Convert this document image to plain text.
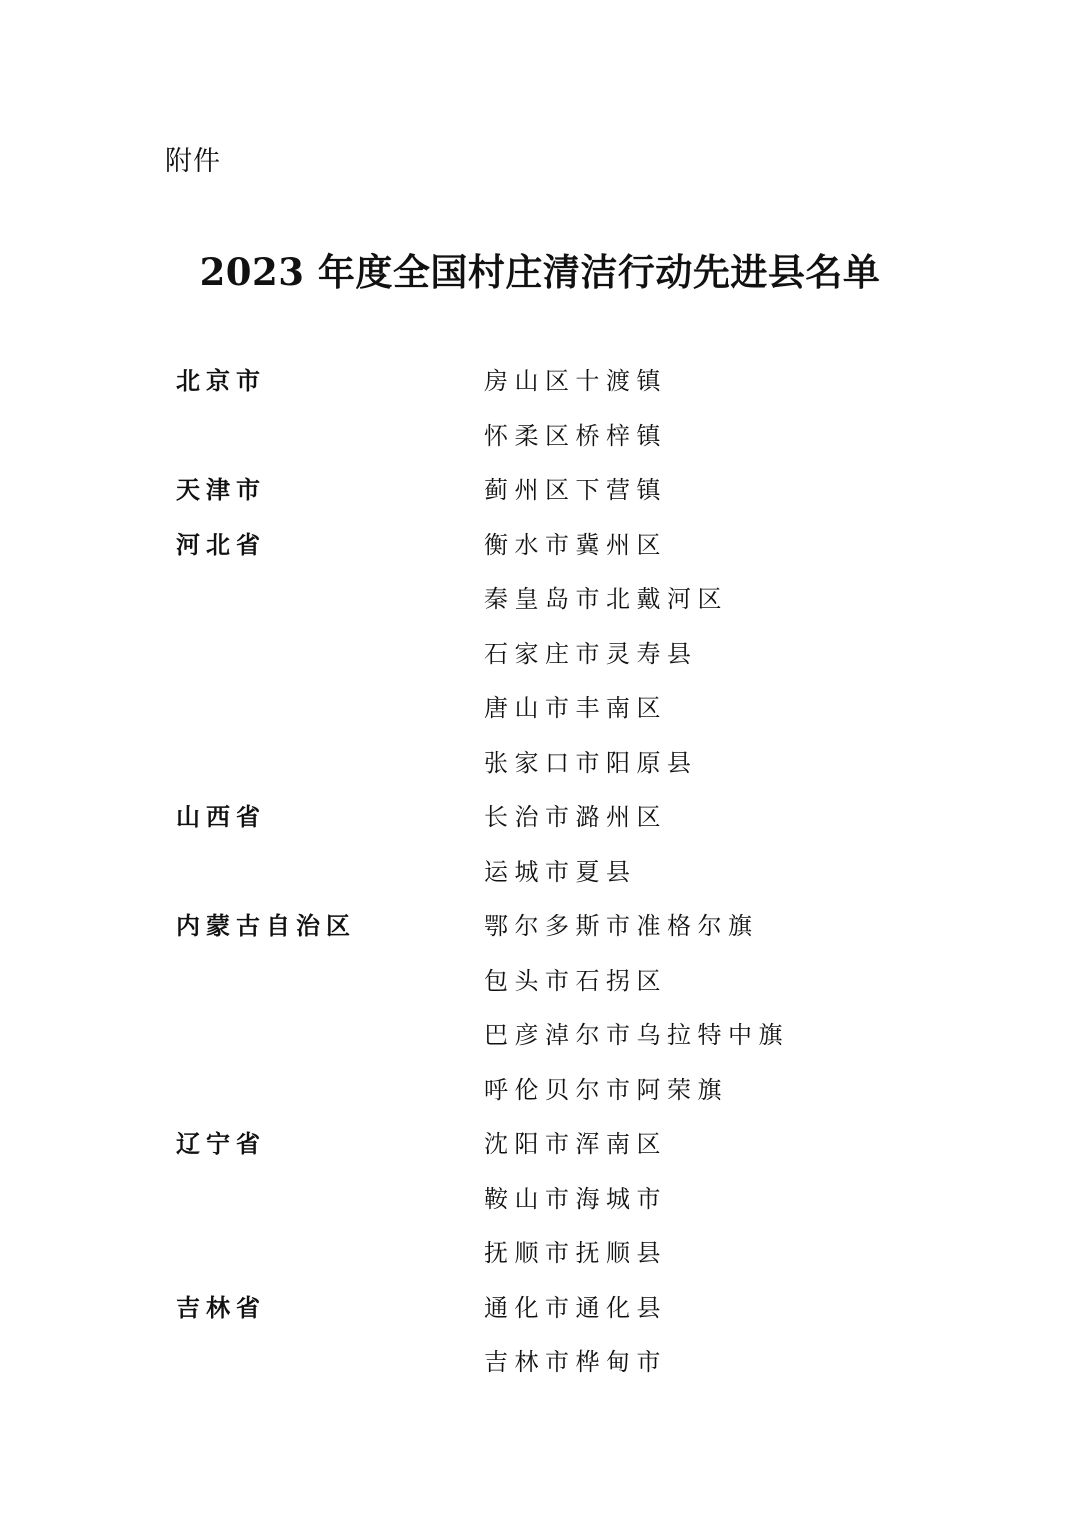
附件
2023 年度全国村庄清洁行动先进县名单
北京市	房山区十渡镇
怀柔区桥梓镇
天津市	蓟州区下营镇
河北省	衡水市冀州区
秦皇岛市北戴河区
石家庄市灵寿县
唐山市丰南区
张家口市阳原县
山西省	长治市潞州区
运城市夏县
内蒙古自治区	鄂尔多斯市准格尔旗
包头市石拐区
巴彦淖尔市乌拉特中旗
呼伦贝尔市阿荣旗
辽宁省	沈阳市浑南区
鞍山市海城市
抚顺市抚顺县
吉林省	通化市通化县
吉林市桦甸市
